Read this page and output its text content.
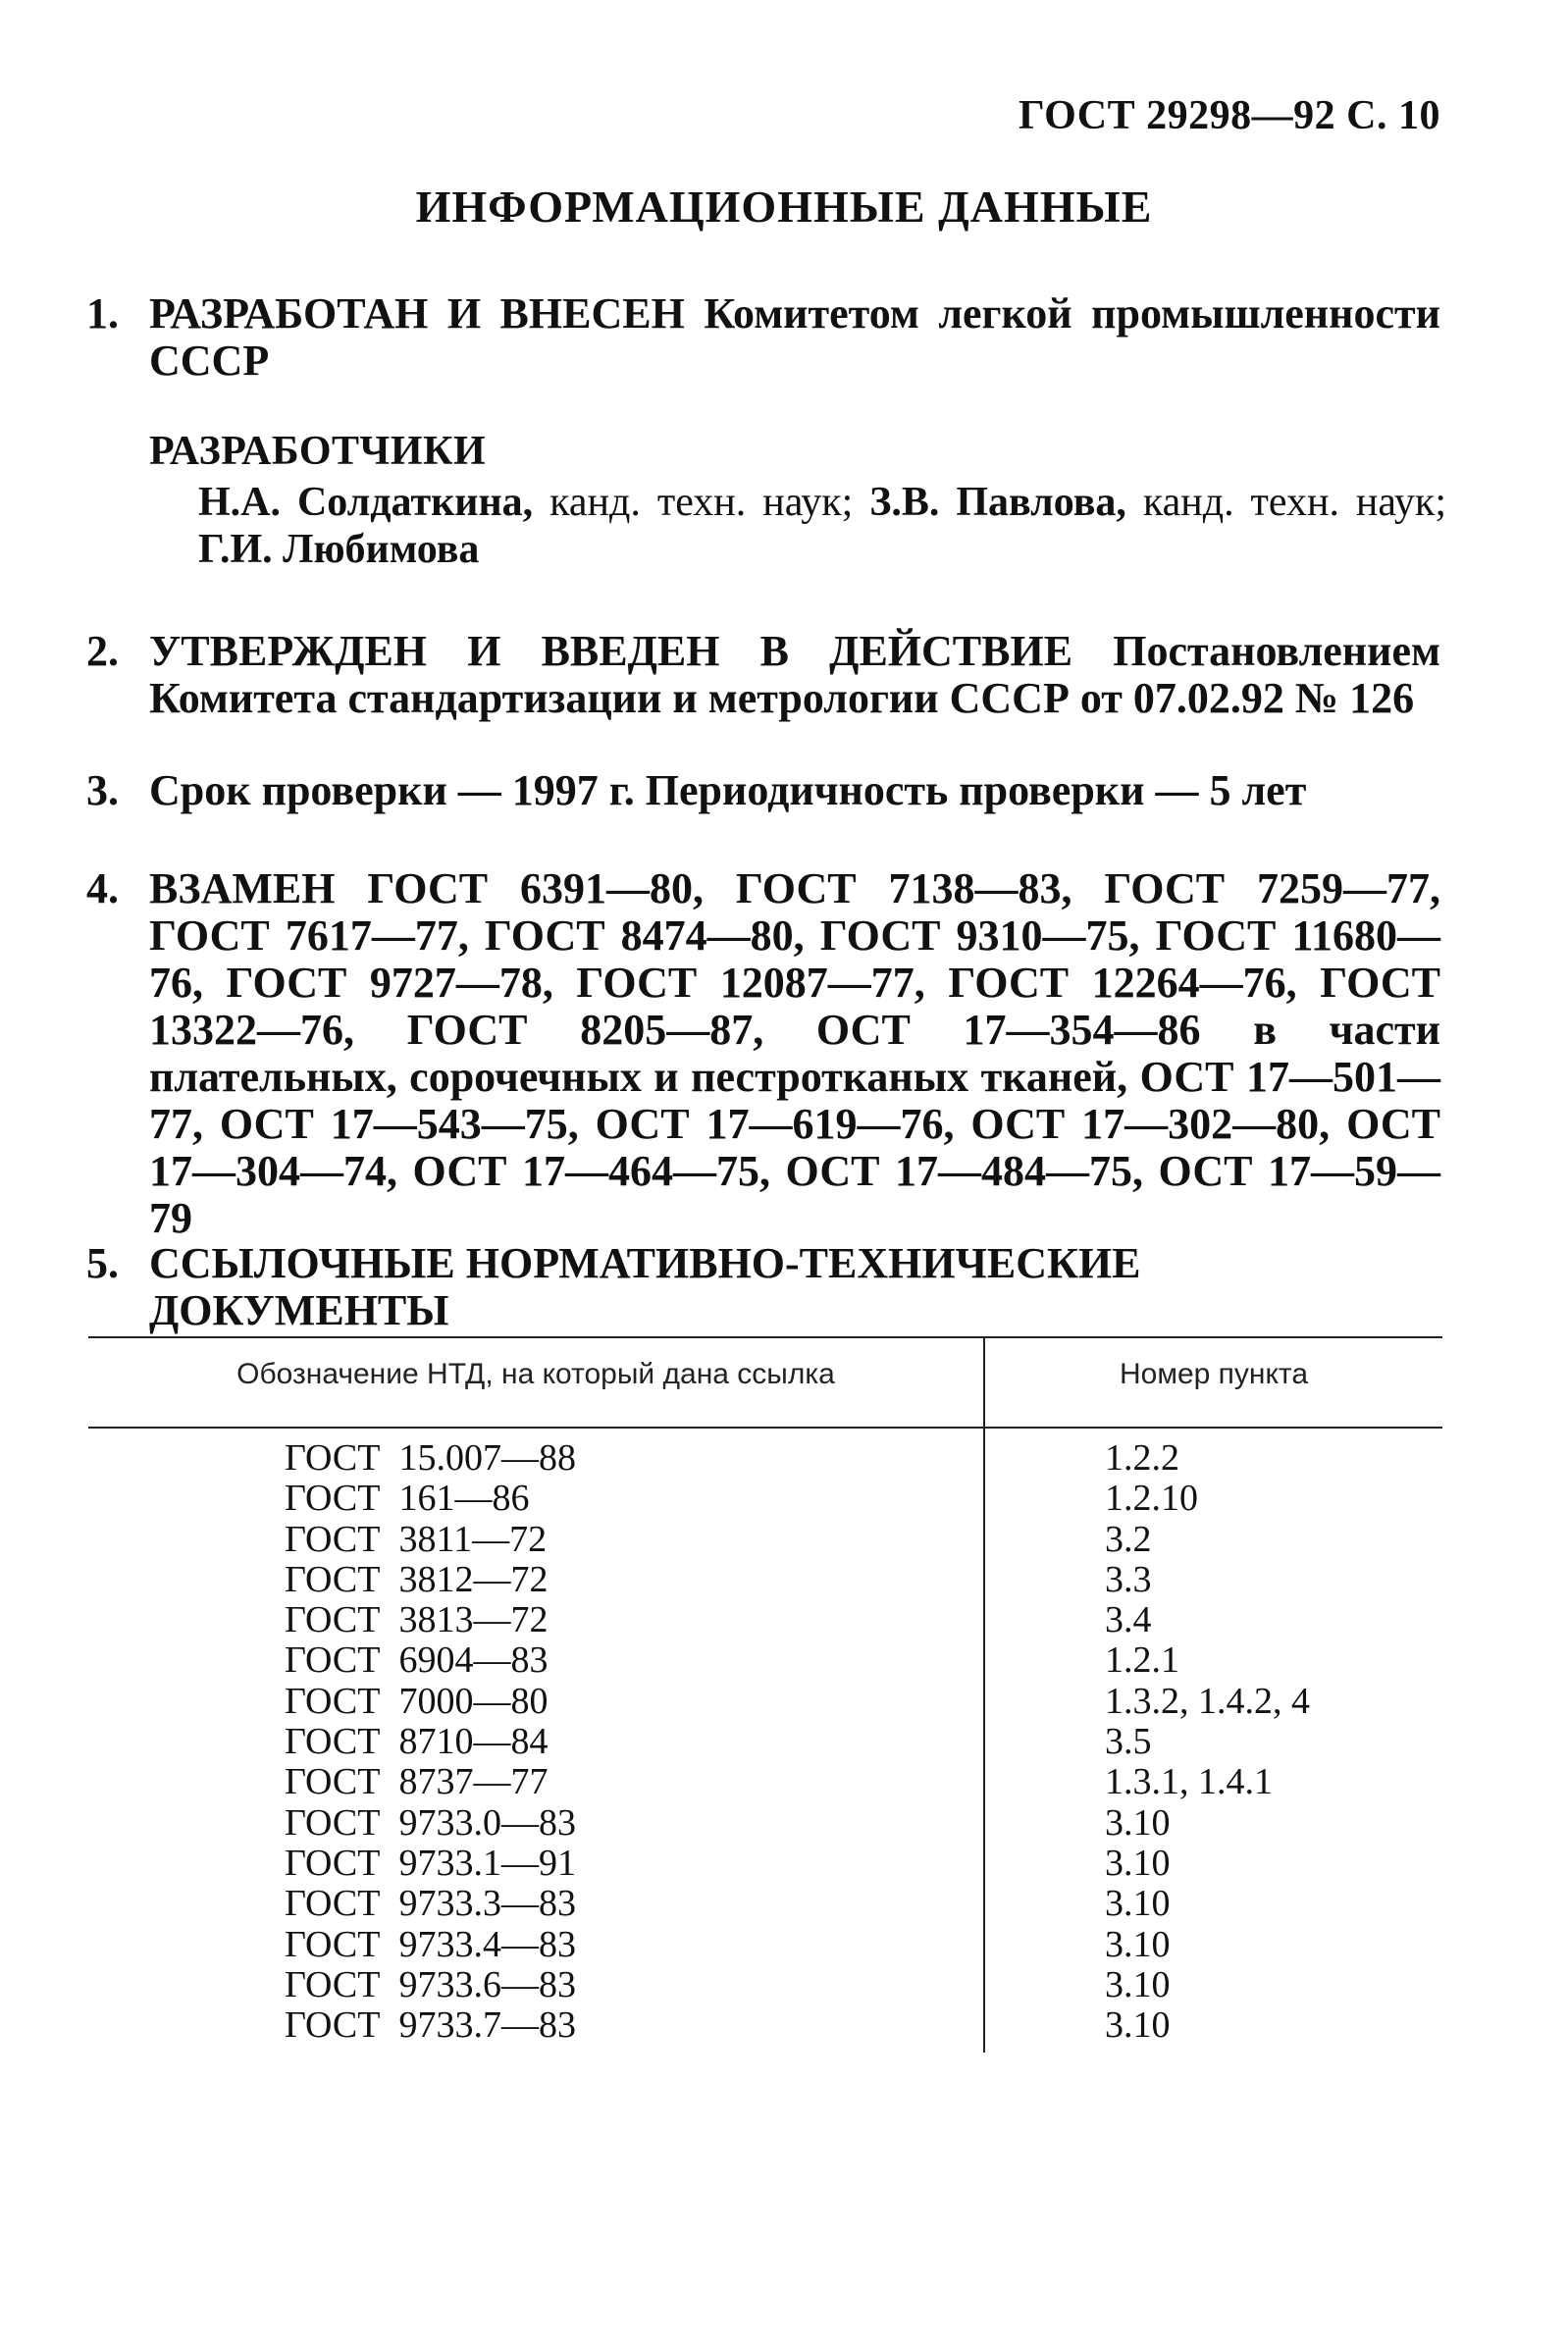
ГОСТ 29298—92 С. 10
ИНФОРМАЦИОННЫЕ ДАННЫЕ
1. РАЗРАБОТАН И ВНЕСЕН Комитетом легкой промышленности СССР
РАЗРАБОТЧИКИ
Н.А. Солдаткина, канд. техн. наук; З.В. Павлова, канд. техн. наук; Г.И. Любимова
2. УТВЕРЖДЕН И ВВЕДЕН В ДЕЙСТВИЕ Постановлением Комитета стандартизации и метрологии СССР от 07.02.92 № 126
3. Срок проверки — 1997 г. Периодичность проверки — 5 лет
4. ВЗАМЕН ГОСТ 6391—80, ГОСТ 7138—83, ГОСТ 7259—77, ГОСТ 7617—77, ГОСТ 8474—80, ГОСТ 9310—75, ГОСТ 11680—76, ГОСТ 9727—78, ГОСТ 12087—77, ГОСТ 12264—76, ГОСТ 13322—76, ГОСТ 8205—87, ОСТ 17—354—86 в части плательных, сорочечных и пестротканых тканей, ОСТ 17—501—77, ОСТ 17—543—75, ОСТ 17—619—76, ОСТ 17—302—80, ОСТ 17—304—74, ОСТ 17—464—75, ОСТ 17—484—75, ОСТ 17—59—79
5. ССЫЛОЧНЫЕ НОРМАТИВНО-ТЕХНИЧЕСКИЕ ДОКУМЕНТЫ
Обозначение НТД, на который дана ссылка	Номер пункта
ГОСТ  15.007—88	1.2.2
ГОСТ  161—86	1.2.10
ГОСТ  3811—72	3.2
ГОСТ  3812—72	3.3
ГОСТ  3813—72	3.4
ГОСТ  6904—83	1.2.1
ГОСТ  7000—80	1.3.2, 1.4.2, 4
ГОСТ  8710—84	3.5
ГОСТ  8737—77	1.3.1, 1.4.1
ГОСТ  9733.0—83	3.10
ГОСТ  9733.1—91	3.10
ГОСТ  9733.3—83	3.10
ГОСТ  9733.4—83	3.10
ГОСТ  9733.6—83	3.10
ГОСТ  9733.7—83	3.10
